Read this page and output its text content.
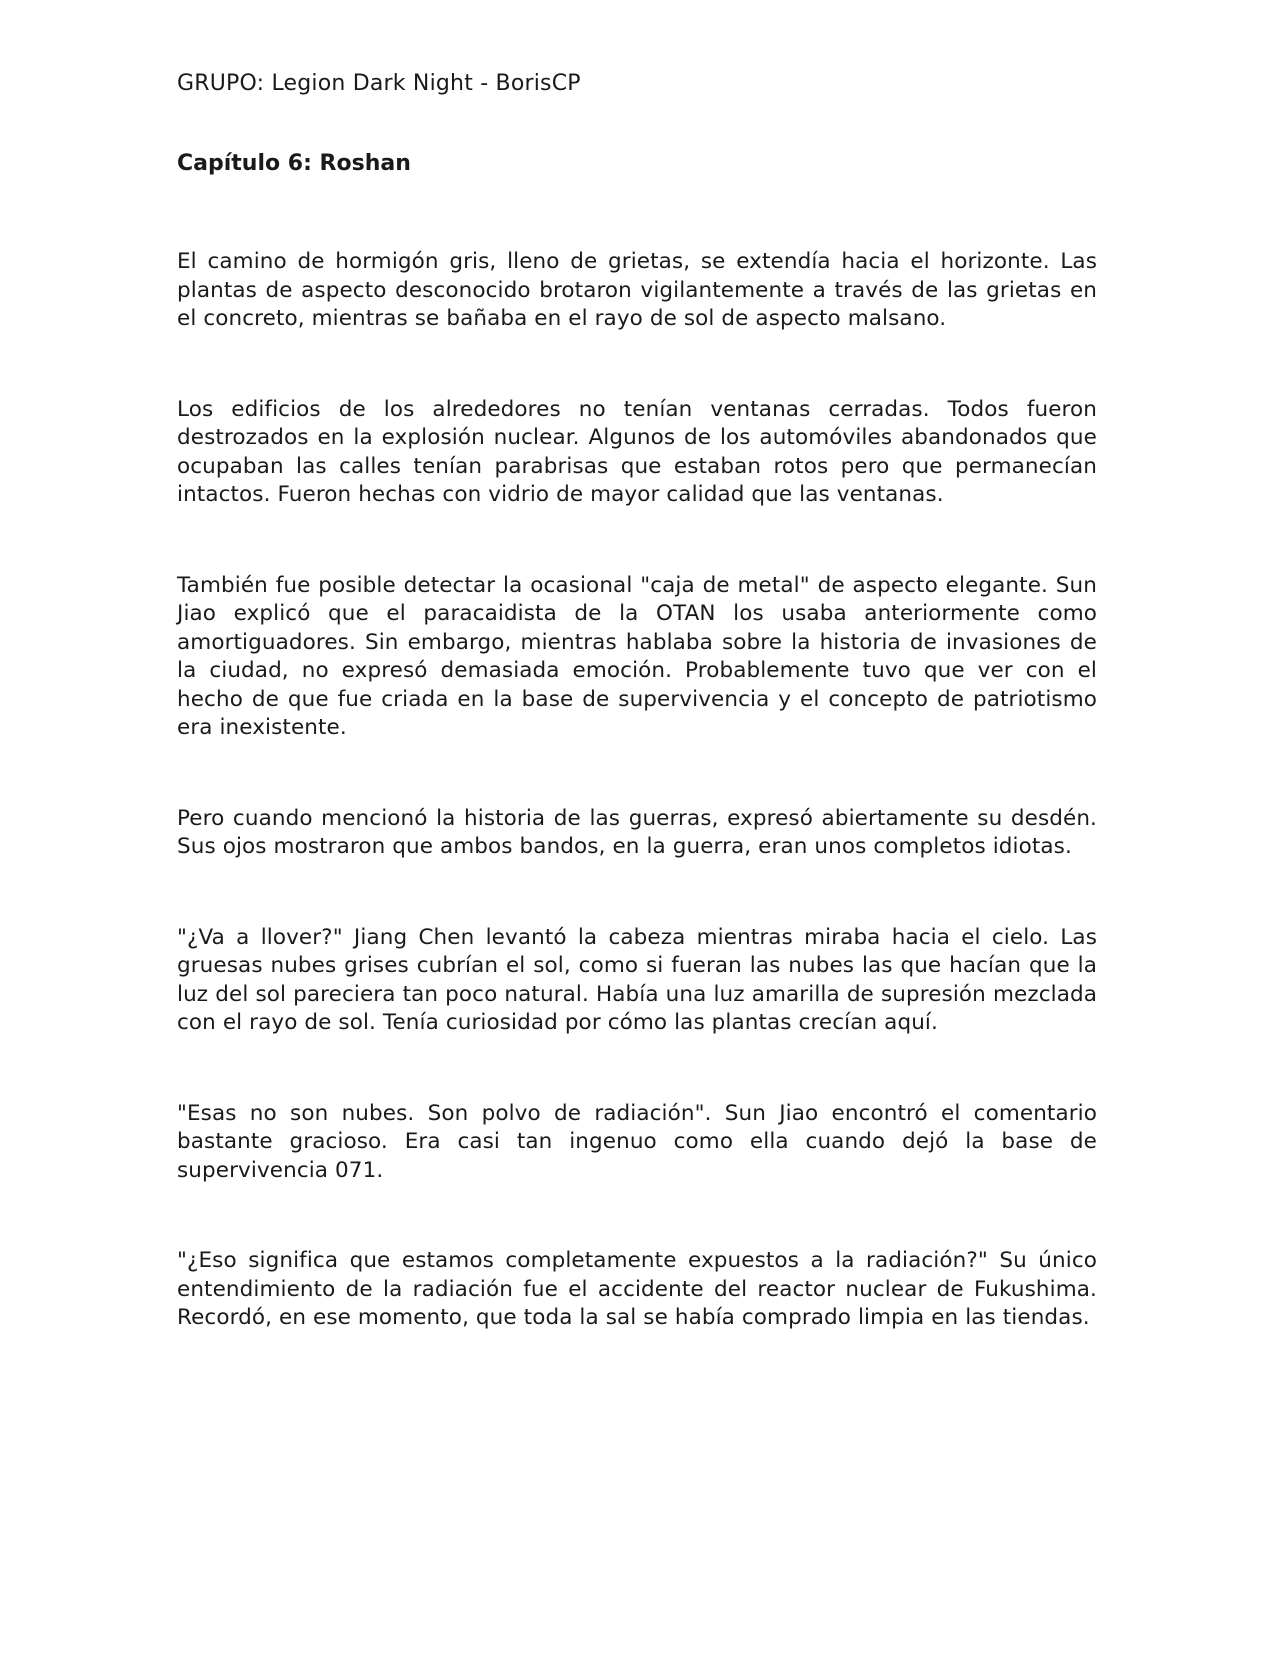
GRUPO: Legion Dark Night - BorisCP
Capítulo 6: Roshan

El camino de hormigón gris, lleno de grietas, se extendía hacia el horizonte. Las plantas de aspecto desconocido brotaron vigilantemente a través de las grietas en el concreto, mientras se bañaba en el rayo de sol de aspecto malsano.

Los edificios de los alrededores no tenían ventanas cerradas. Todos fueron destrozados en la explosión nuclear. Algunos de los automóviles abandonados que ocupaban las calles tenían parabrisas que estaban rotos pero que permanecían intactos. Fueron hechas con vidrio de mayor calidad que las ventanas.

También fue posible detectar la ocasional "caja de metal" de aspecto elegante. Sun Jiao explicó que el paracaidista de la OTAN los usaba anteriormente como amortiguadores. Sin embargo, mientras hablaba sobre la historia de invasiones de la ciudad, no expresó demasiada emoción. Probablemente tuvo que ver con el hecho de que fue criada en la base de supervivencia y el concepto de patriotismo era inexistente.

Pero cuando mencionó la historia de las guerras, expresó abiertamente su desdén. Sus ojos mostraron que ambos bandos, en la guerra, eran unos completos idiotas.

"¿Va a llover?" Jiang Chen levantó la cabeza mientras miraba hacia el cielo. Las gruesas nubes grises cubrían el sol, como si fueran las nubes las que hacían que la luz del sol pareciera tan poco natural. Había una luz amarilla de supresión mezclada con el rayo de sol. Tenía curiosidad por cómo las plantas crecían aquí.

"Esas no son nubes. Son polvo de radiación". Sun Jiao encontró el comentario bastante gracioso. Era casi tan ingenuo como ella cuando dejó la base de supervivencia 071.

"¿Eso significa que estamos completamente expuestos a la radiación?" Su único entendimiento de la radiación fue el accidente del reactor nuclear de Fukushima. Recordó, en ese momento, que toda la sal se había comprado limpia en las tiendas.
